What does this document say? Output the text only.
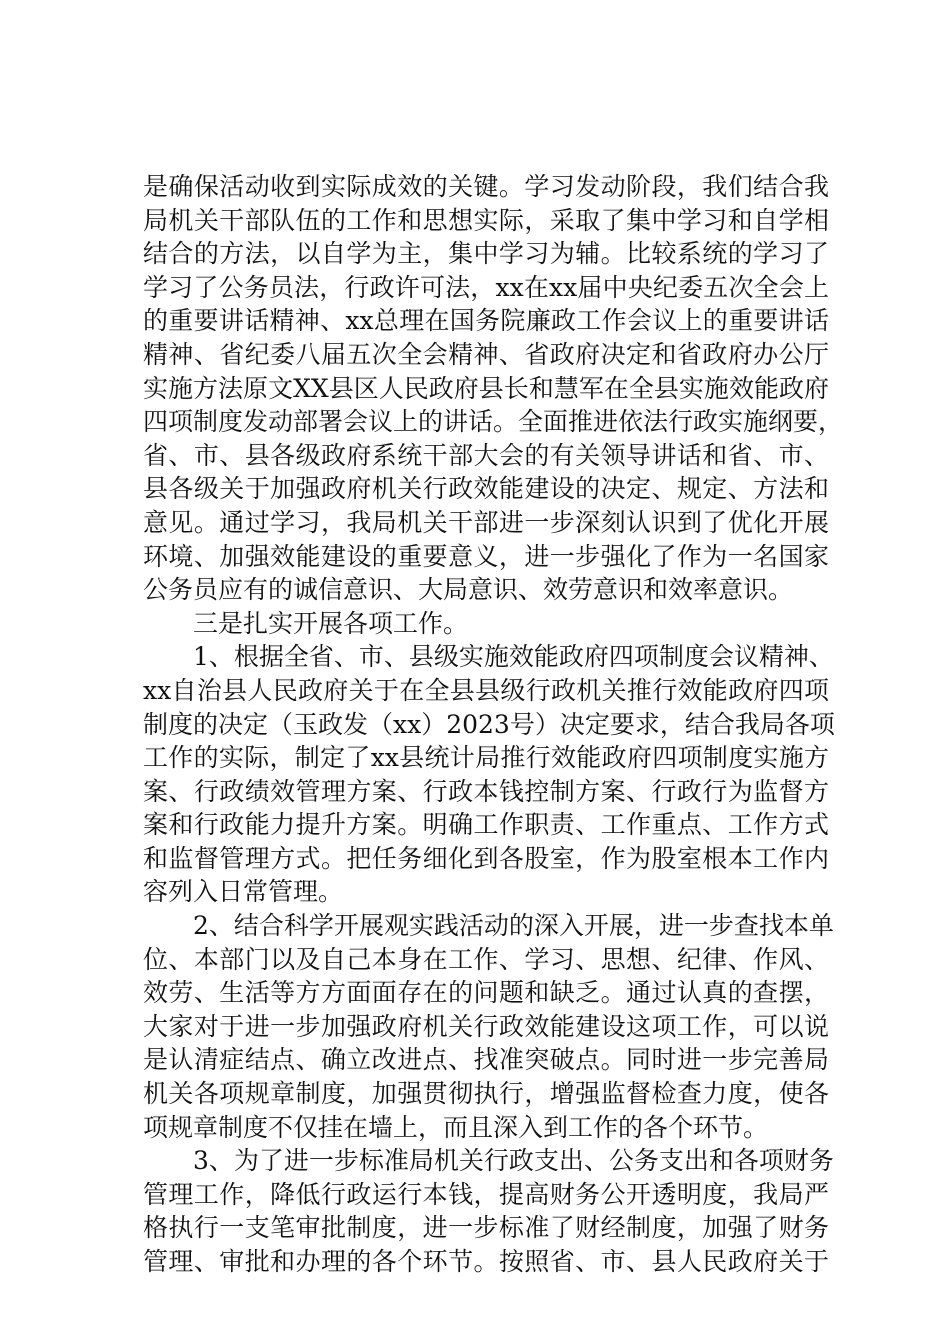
是确保活动收到实际成效的关键。学习发动阶段，我们结合我
局机关干部队伍的工作和思想实际，采取了集中学习和自学相
结合的方法，以自学为主，集中学习为辅。比较系统的学习了
学习了公务员法，行政许可法，xx在xx届中央纪委五次全会上
的重要讲话精神、xx总理在国务院廉政工作会议上的重要讲话
精神、省纪委八届五次全会精神、省政府决定和省政府办公厅
实施方法原文XX县区人民政府县长和慧军在全县实施效能政府
四项制度发动部署会议上的讲话。全面推进依法行政实施纲要，
省、市、县各级政府系统干部大会的有关领导讲话和省、市、
县各级关于加强政府机关行政效能建设的决定、规定、方法和
意见。通过学习，我局机关干部进一步深刻认识到了优化开展
环境、加强效能建设的重要意义，进一步强化了作为一名国家
公务员应有的诚信意识、大局意识、效劳意识和效率意识。
三是扎实开展各项工作。
1、根据全省、市、县级实施效能政府四项制度会议精神、
xx自治县人民政府关于在全县县级行政机关推行效能政府四项
制度的决定（玉政发（xx）2023号）决定要求，结合我局各项
工作的实际，制定了xx县统计局推行效能政府四项制度实施方
案、行政绩效管理方案、行政本钱控制方案、行政行为监督方
案和行政能力提升方案。明确工作职责、工作重点、工作方式
和监督管理方式。把任务细化到各股室，作为股室根本工作内
容列入日常管理。
2、结合科学开展观实践活动的深入开展，进一步查找本单
位、本部门以及自己本身在工作、学习、思想、纪律、作风、
效劳、生活等方方面面存在的问题和缺乏。通过认真的查摆，
大家对于进一步加强政府机关行政效能建设这项工作，可以说
是认清症结点、确立改进点、找准突破点。同时进一步完善局
机关各项规章制度，加强贯彻执行，增强监督检查力度，使各
项规章制度不仅挂在墙上，而且深入到工作的各个环节。
3、为了进一步标准局机关行政支出、公务支出和各项财务
管理工作，降低行政运行本钱，提高财务公开透明度，我局严
格执行一支笔审批制度，进一步标准了财经制度，加强了财务
管理、审批和办理的各个环节。按照省、市、县人民政府关于
